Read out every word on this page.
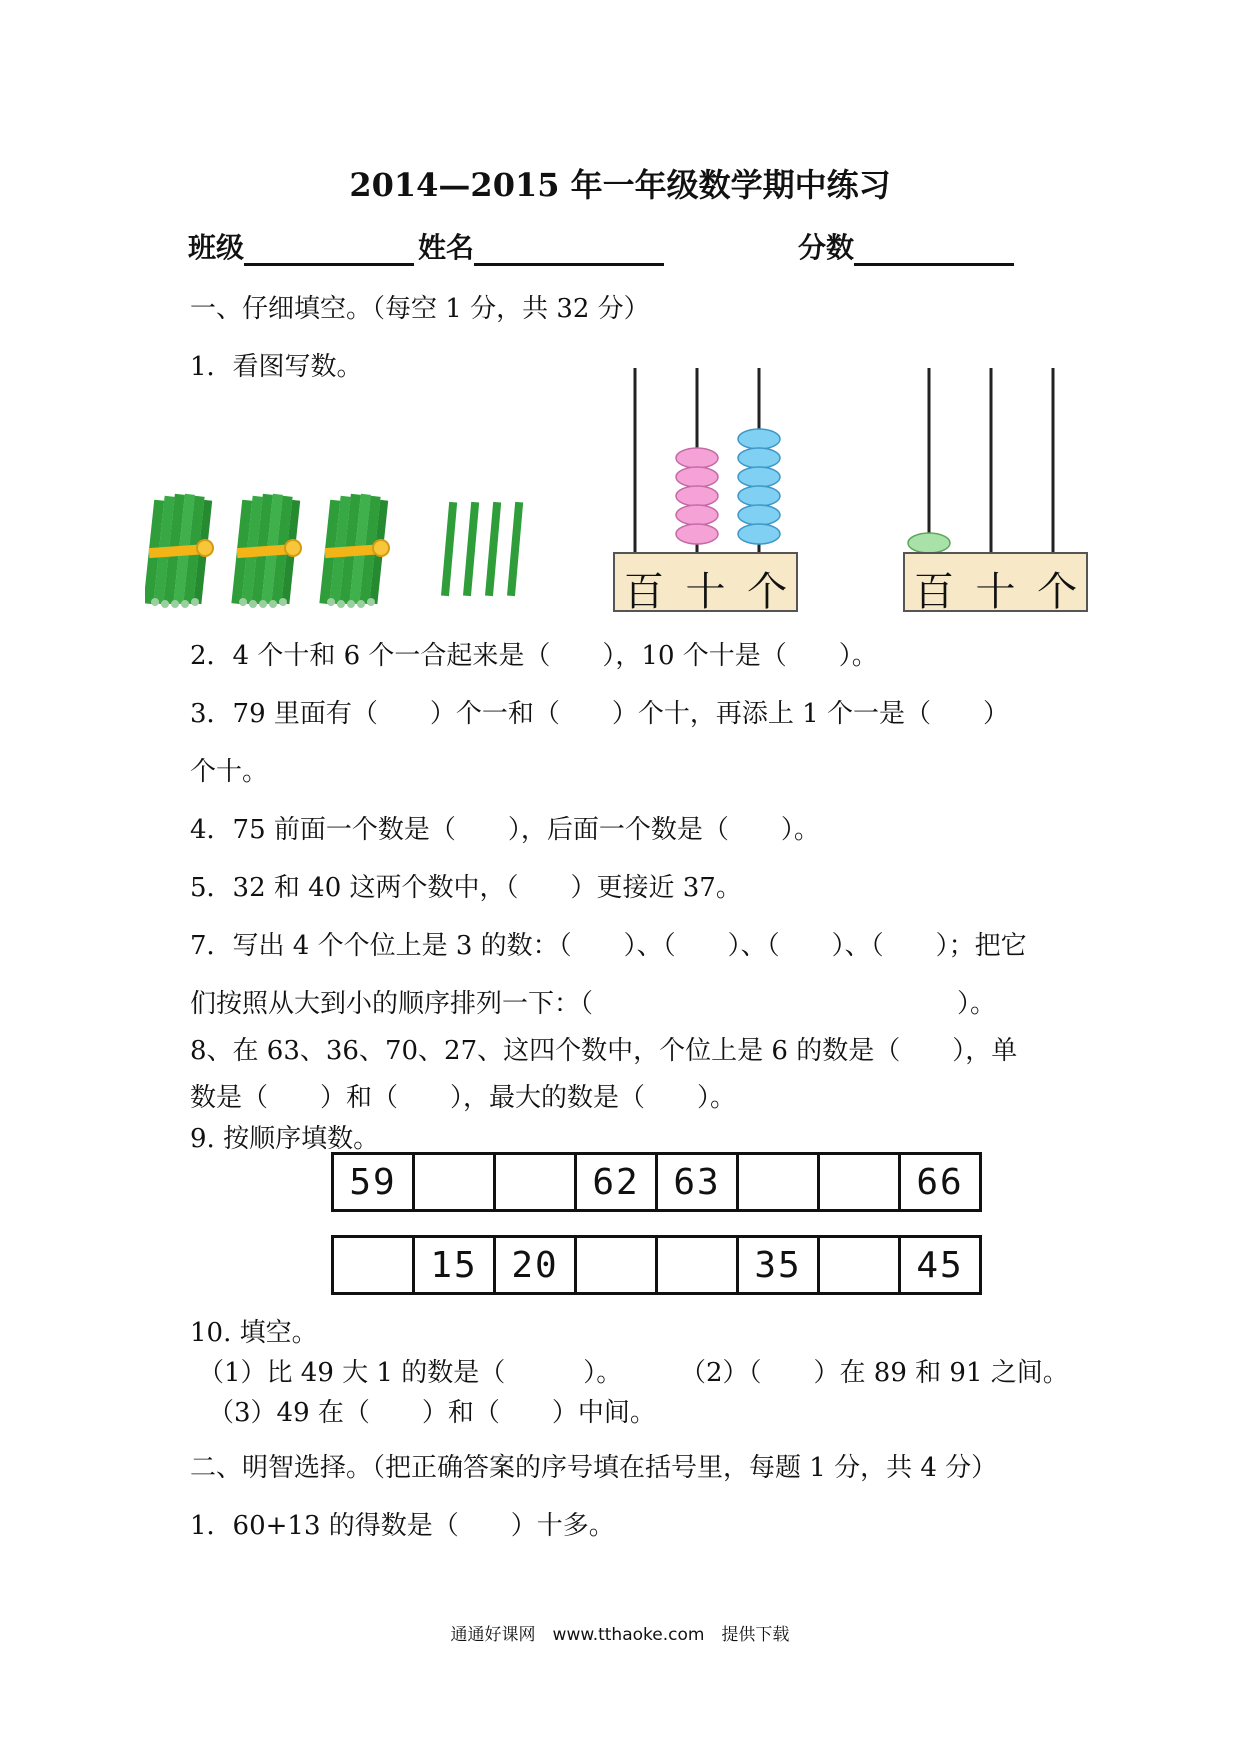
2014—2015 年一年级数学期中练习
班级	姓名	分数
一、仔细填空。（每空 1 分，共 32 分）
1．看图写数。
百 十 个	百 十 个
2．4 个十和 6 个一合起来是（　　），10 个十是（　　）。
3．79 里面有（　　）个一和（　　）个十，再添上 1 个一是（　　）
个十。
4．75 前面一个数是（　　），后面一个数是（　　）。
5．32 和 40 这两个数中，（　　）更接近 37。
7．写出 4 个个位上是 3 的数：（　　）、（　　）、（　　）、（　　）；把它
们按照从大到小的顺序排列一下：（　　　　　　　　　　　　　　）。
8、在 63、36、70、27、这四个数中，个位上是 6 的数是（　　），单
数是（　　）和（　　），最大的数是（　　）。
9. 按顺序填数。
59			62	63			66
	15	20			35		45
10. 填空。
（1）比 49 大 1 的数是（　　　）。 （2）（　　）在 89 和 91 之间。
（3）49 在（　　）和（　　）中间。
二、明智选择。（把正确答案的序号填在括号里，每题 1 分，共 4 分）
1．60+13 的得数是（　　）十多。
通通好课网　www.tthaoke.com　提供下载
